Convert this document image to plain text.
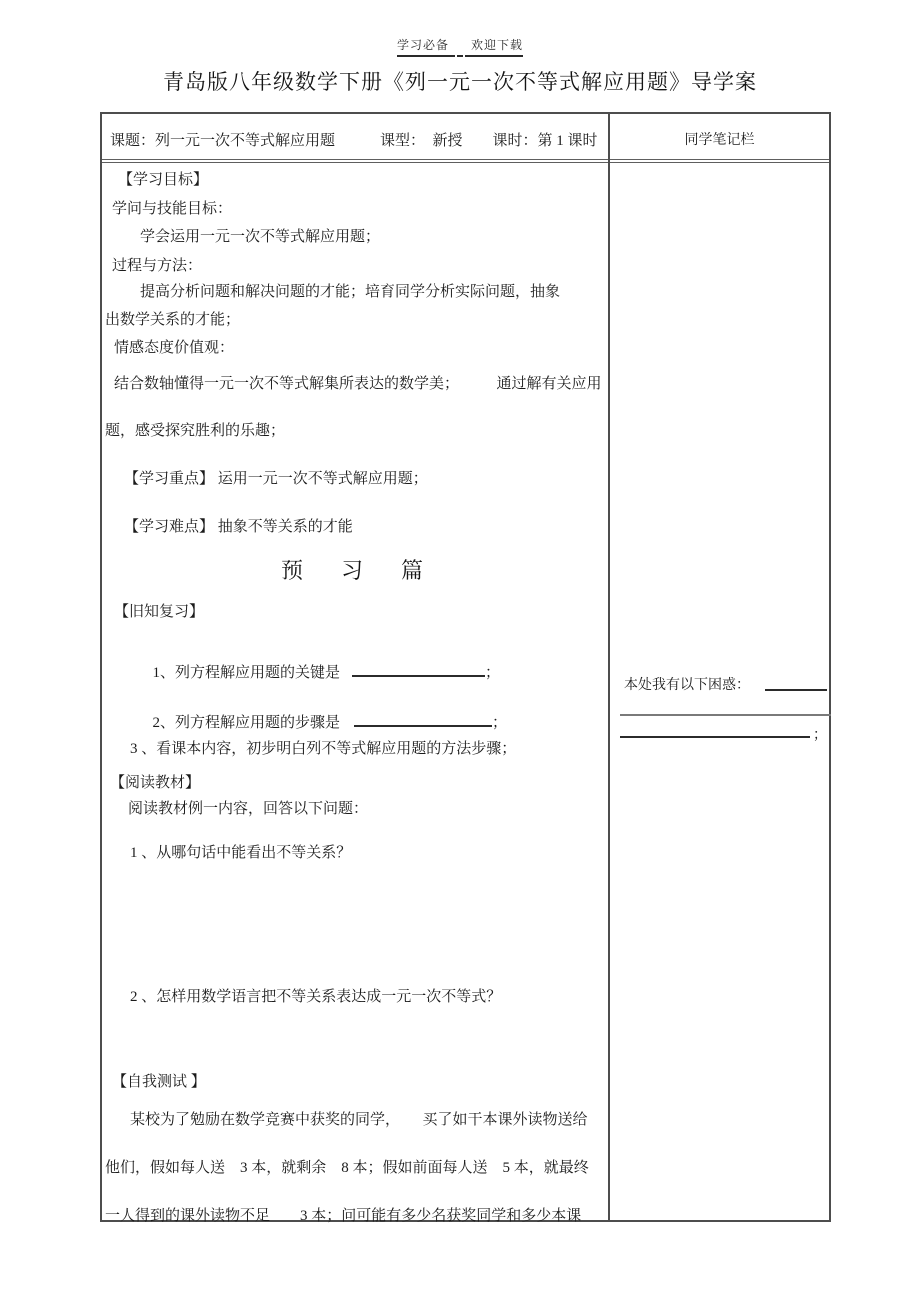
学习必备 欢迎下载
青岛版八年级数学下册《列一元一次不等式解应用题》导学案
课题：列一元一次不等式解应用题　　　课型：　新授　　课时：第 1 课时	同学笔记栏
【学习目标】
学问与技能目标：
学会运用一元一次不等式解应用题；
过程与方法：
提高分析问题和解决问题的才能；培育同学分析实际问题，抽象
出数学关系的才能；
情感态度价值观：
结合数轴懂得一元一次不等式解集所表达的数学美；　　　通过解有关应用
题，感受探究胜利的乐趣；
【学习重点】 运用一元一次不等式解应用题；
【学习难点】 抽象不等关系的才能
预　习　篇
【旧知复习】

1、列方程解应用题的关键是	；

2、列方程解应用题的步骤是	；

3 、看课本内容，初步明白列不等式解应用题的方法步骤；
【阅读教材】
阅读教材例一内容，回答以下问题：
1 、从哪句话中能看出不等关系？
2 、怎样用数学语言把不等关系表达成一元一次不等式？
【自我测试 】
某校为了勉励在数学竞赛中获奖的同学，　　买了如干本课外读物送给
他们，假如每人送　3 本，就剩余　8 本；假如前面每人送　5 本，就最终
一人得到的课外读物不足　　3 本；问可能有多少名获奖同学和多少本课
本处我有以下困惑：
；
